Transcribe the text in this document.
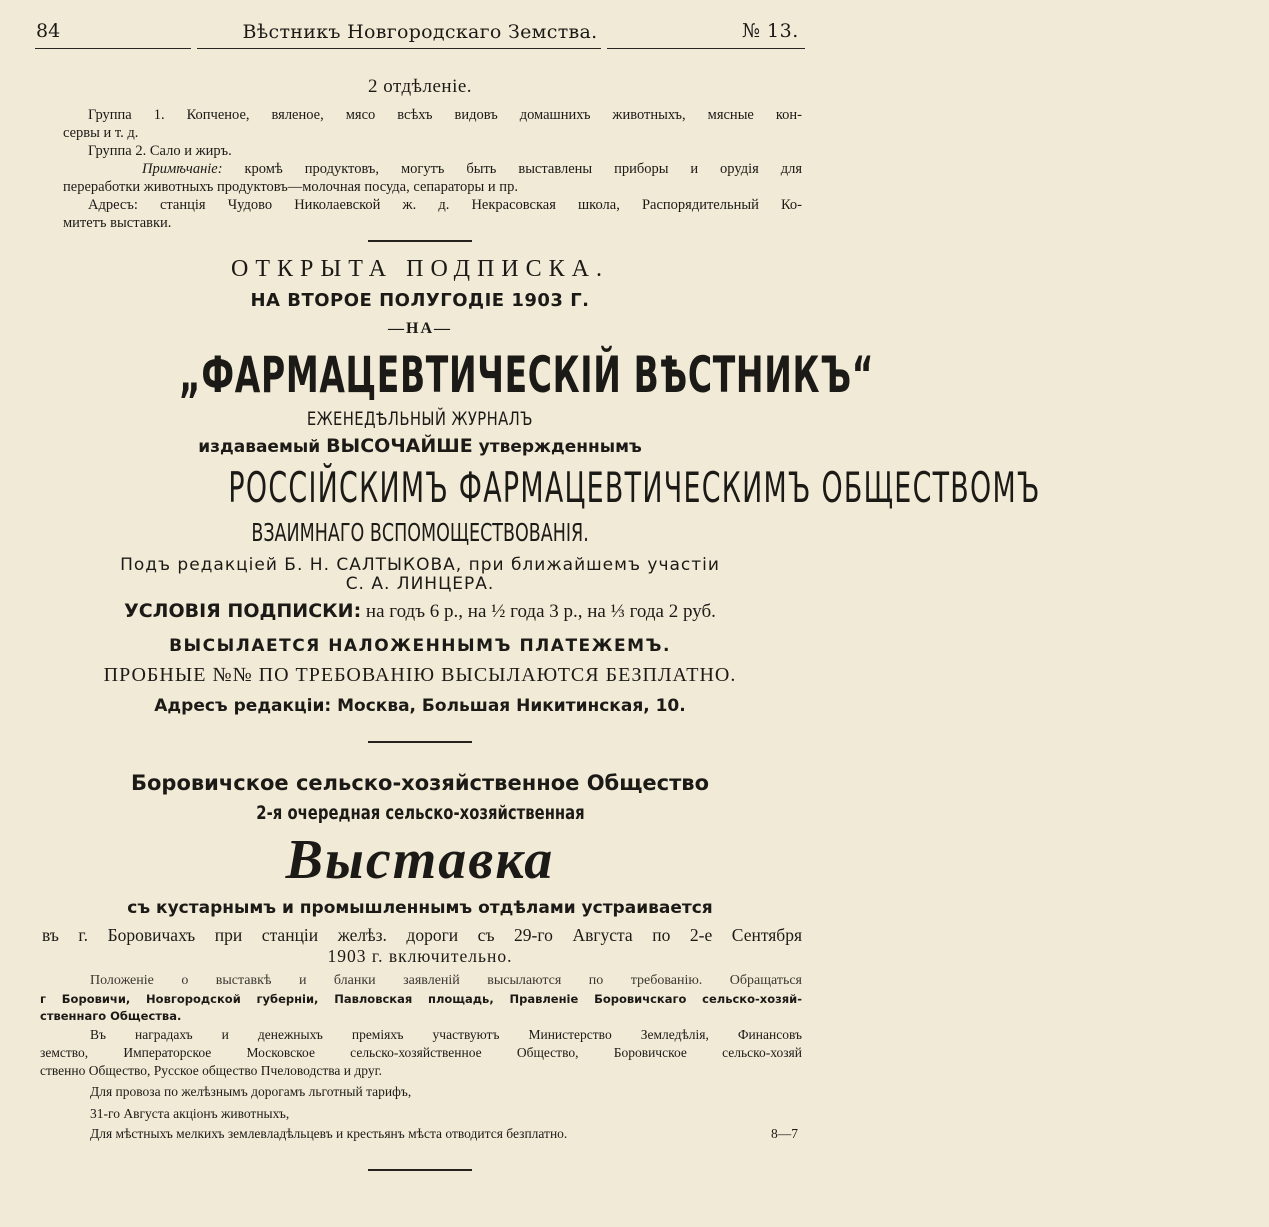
84	Вѣстникъ Новгородскаго Земства.	№ 13.
2 отдѣленіе.
Группа 1. Копченое, вяленое, мясо всѣхъ видовъ домашнихъ животныхъ, мясные кон-
сервы и т. д.
Группа 2. Сало и жиръ.
Примѣчаніе: кромѣ продуктовъ, могутъ быть выставлены приборы и орудія для
переработки животныхъ продуктовъ—молочная посуда, сепараторы и пр.
Адресъ: станція Чудово Николаевской ж. д. Некрасовская школа, Распорядительный Ко-
митетъ выставки.
ОТКРЫТА ПОДПИСКА.
НА ВТОРОЕ ПОЛУГОДІЕ 1903 Г.
—НА—
„ФАРМАЦЕВТИЧЕСКІЙ ВѢСТНИКЪ“
ЕЖЕНЕДѢЛЬНЫЙ ЖУРНАЛЪ
издаваемый ВЫСОЧАЙШЕ утвержденнымъ
РОССІЙСКИМЪ ФАРМАЦЕВТИЧЕСКИМЪ ОБЩЕСТВОМЪ
ВЗАИМНАГО ВСПОМОЩЕСТВОВАНІЯ.
Подъ редакціей Б. Н. САЛТЫКОВА, при ближайшемъ участіи
С. А. ЛИНЦЕРА.
УСЛОВІЯ ПОДПИСКИ: на годъ 6 р., на ½ года 3 р., на ⅓ года 2 руб.
ВЫСЫЛАЕТСЯ НАЛОЖЕННЫМЪ ПЛАТЕЖЕМЪ.
ПРОБНЫЕ №№ ПО ТРЕБОВАНІЮ ВЫСЫЛАЮТСЯ БЕЗПЛАТНО.
Адресъ редакціи: Москва, Большая Никитинская, 10.
Боровичское сельско-хозяйственное Общество
2-я очередная сельско-хозяйственная
Выставка
съ кустарнымъ и промышленнымъ отдѣлами устраивается
въ г. Боровичахъ при станціи желѣз. дороги съ 29-го Августа по 2-е Сентября
1903 г. включительно.
Положеніе о выставкѣ и бланки заявленій высылаются по требованію. Обращаться
г Боровичи, Новгородской губерніи, Павловская площадь, Правленіе Боровичскаго сельско-хозяй-
ственнаго Общества.
Въ наградахъ и денежныхъ преміяхъ участвуютъ Министерство Земледѣлія, Финансовъ
земство, Императорское Московское сельско-хозяйственное Общество, Боровичское сельско-хозяй
ственно Общество, Русское общество Пчеловодства и друг.
Для провоза по желѣзнымъ дорогамъ льготный тарифъ,
31-го Августа акціонъ животныхъ,
Для мѣстныхъ мелкихъ землевладѣльцевъ и крестьянъ мѣста отводится безплатно.	8—7
